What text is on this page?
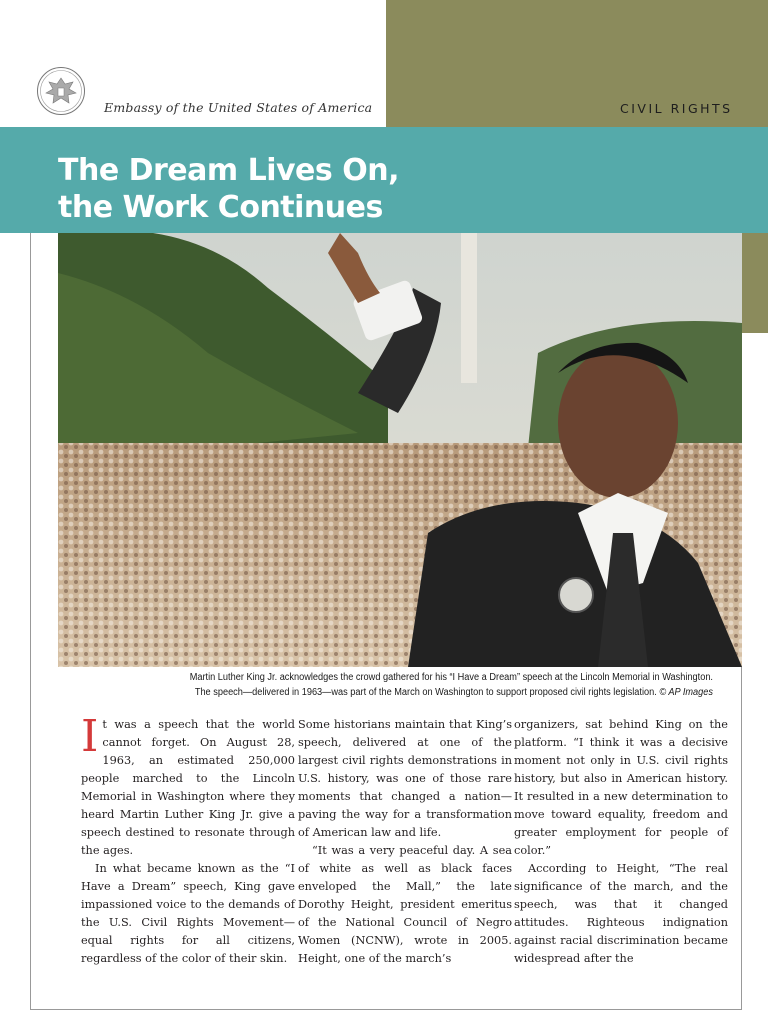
Embassy of the United States of America	CIVIL RIGHTS
The Dream Lives On,
the Work Continues
Martin Luther King Jr. acknowledges the crowd gathered for his “I Have a Dream” speech at the Lincoln Memorial in Washington.
The speech—delivered in 1963—was part of the March on Washington to support proposed civil rights legislation. © AP Images

It was a speech that the world cannot forget. On August 28, 1963, an estimated 250,000 people marched to the Lincoln Memorial in Washington where they heard Martin Luther King Jr. give a speech destined to resonate through the ages.

In what became known as the “I Have a Dream” speech, King gave impassioned voice to the demands of the U.S. Civil Rights Movement—equal rights for all citizens, regardless of the color of their skin.

Some historians maintain that King’s speech, delivered at one of the largest civil rights demonstrations in U.S. history, was one of those rare moments that changed a nation—paving the way for a transformation of American law and life.

“It was a very peaceful day. A sea of white as well as black faces enveloped the Mall,” the late Dorothy Height, president emeritus of the National Council of Negro Women (NCNW), wrote in 2005. Height, one of the march’s

organizers, sat behind King on the platform. “I think it was a decisive moment not only in U.S. civil rights history, but also in American history. It resulted in a new determination to move toward equality, freedom and greater employment for people of color.”

According to Height, “The real significance of the march, and the speech, was that it changed attitudes. Righteous indignation against racial discrimination became widespread after the
